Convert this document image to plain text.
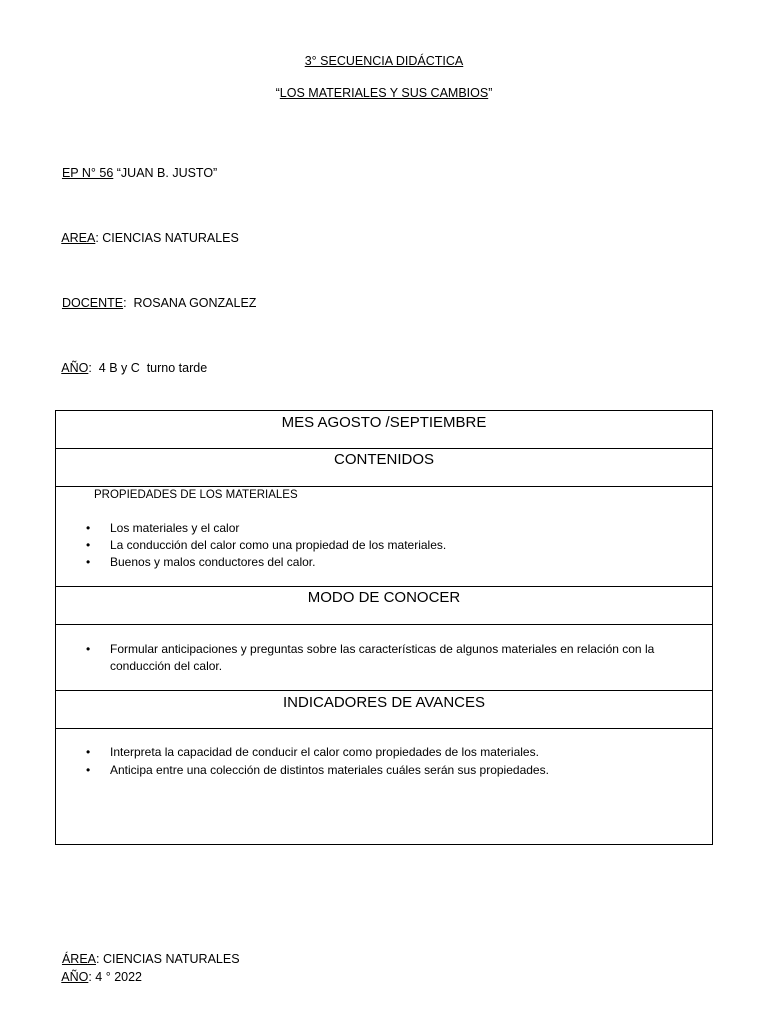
3° SECUENCIA DIDÁCTICA
“LOS MATERIALES Y SUS CAMBIOS”

EP N° 56 “JUAN B. JUSTO”

AREA: CIENCIAS NATURALES

DOCENTE:  ROSANA GONZALEZ

AÑO:  4 B y C  turno tarde

MES AGOSTO /SEPTIEMBRE
CONTENIDOS
PROPIEDADES DE LOS MATERIALES
• Los materiales y el calor
• La conducción del calor como una propiedad de los materiales.
• Buenos y malos conductores del calor.
MODO DE CONOCER
• Formular anticipaciones y preguntas sobre las características de algunos materiales en relación con la conducción del calor.
INDICADORES DE AVANCES
• Interpreta la capacidad de conducir el calor como propiedades de los materiales.
• Anticipa entre una colección de distintos materiales cuáles serán sus propiedades.

ÁREA: CIENCIAS NATURALES

AÑO: 4 ° 2022
